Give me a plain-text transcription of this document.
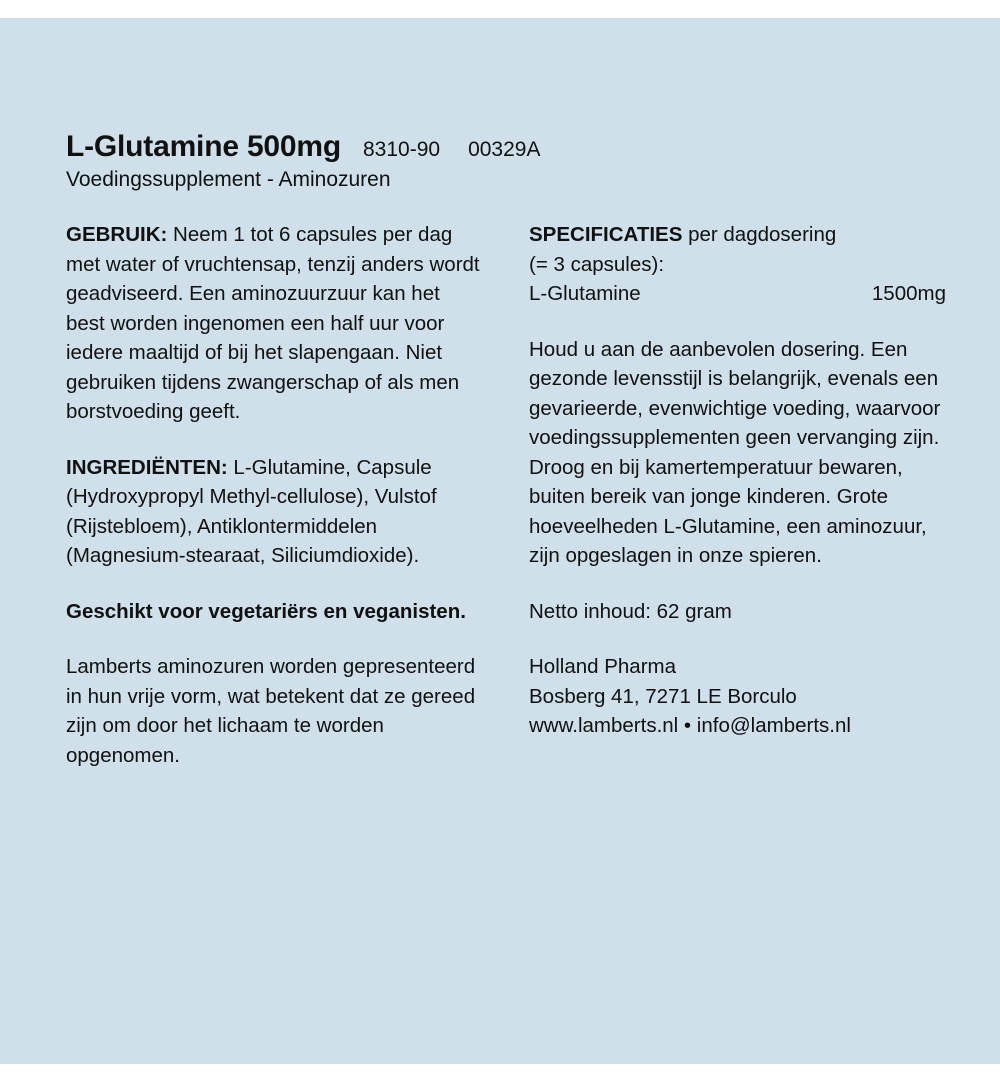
L-Glutamine 500mg 8310-90 00329A
Voedingssupplement - Aminozuren

GEBRUIK: Neem 1 tot 6 capsules per dag met water of vruchtensap, tenzij anders wordt geadviseerd. Een aminozuurzuur kan het best worden ingenomen een half uur voor iedere maaltijd of bij het slapengaan. Niet gebruiken tijdens zwangerschap of als men borstvoeding geeft.

INGREDIËNTEN: L-Glutamine, Capsule (Hydroxypropyl Methyl-cellulose), Vulstof (Rijstebloem), Antiklontermiddelen (Magnesium-stearaat, Siliciumdioxide).

Geschikt voor vegetariërs en veganisten.

Lamberts aminozuren worden gepresenteerd in hun vrije vorm, wat betekent dat ze gereed zijn om door het lichaam te worden opgenomen.

SPECIFICATIES per dagdosering

(= 3 capsules):

L-Glutamine	1500mg

Houd u aan de aanbevolen dosering. Een gezonde levensstijl is belangrijk, evenals een gevarieerde, evenwichtige voeding, waarvoor voedingssupplementen geen vervanging zijn. Droog en bij kamertemperatuur bewaren, buiten bereik van jonge kinderen. Grote hoeveelheden L-Glutamine, een aminozuur, zijn opgeslagen in onze spieren.

Netto inhoud: 62 gram

Holland Pharma
Bosberg 41, 7271 LE Borculo
www.lamberts.nl • info@lamberts.nl
